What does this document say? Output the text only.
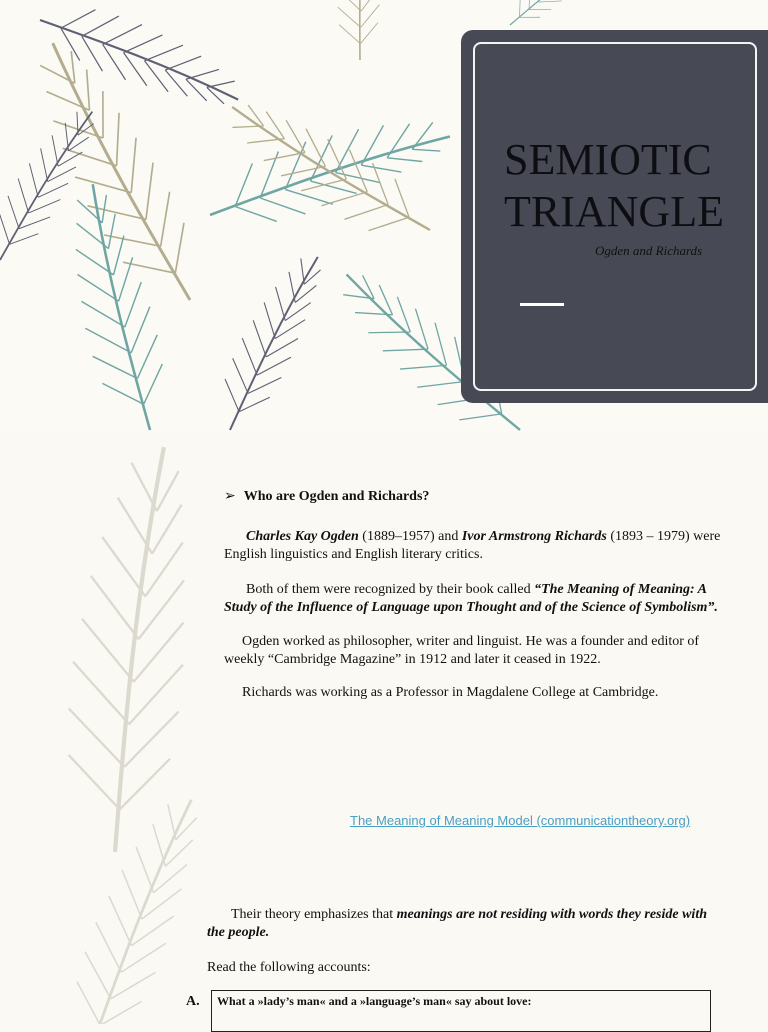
SEMIOTIC
TRIANGLE

Ogden and Richards

➢ Who are Ogden and Richards?

Charles Kay Ogden (1889–1957) and Ivor Armstrong Richards (1893 – 1979) were English linguistics and English literary critics.

Both of them were recognized by their book called “The Meaning of Meaning: A Study of the Influence of Language upon Thought and of the Science of Symbolism”.

Ogden worked as philosopher, writer and linguist. He was a founder and editor of weekly “Cambridge Magazine” in 1912 and later it ceased in 1922.

Richards was working as a Professor in Magdalene College at Cambridge.

The Meaning of Meaning Model (communicationtheory.org)

Their theory emphasizes that meanings are not residing with words they reside with the people.

Read the following accounts:

A. What a »lady’s man« and a »language’s man« say about love:
